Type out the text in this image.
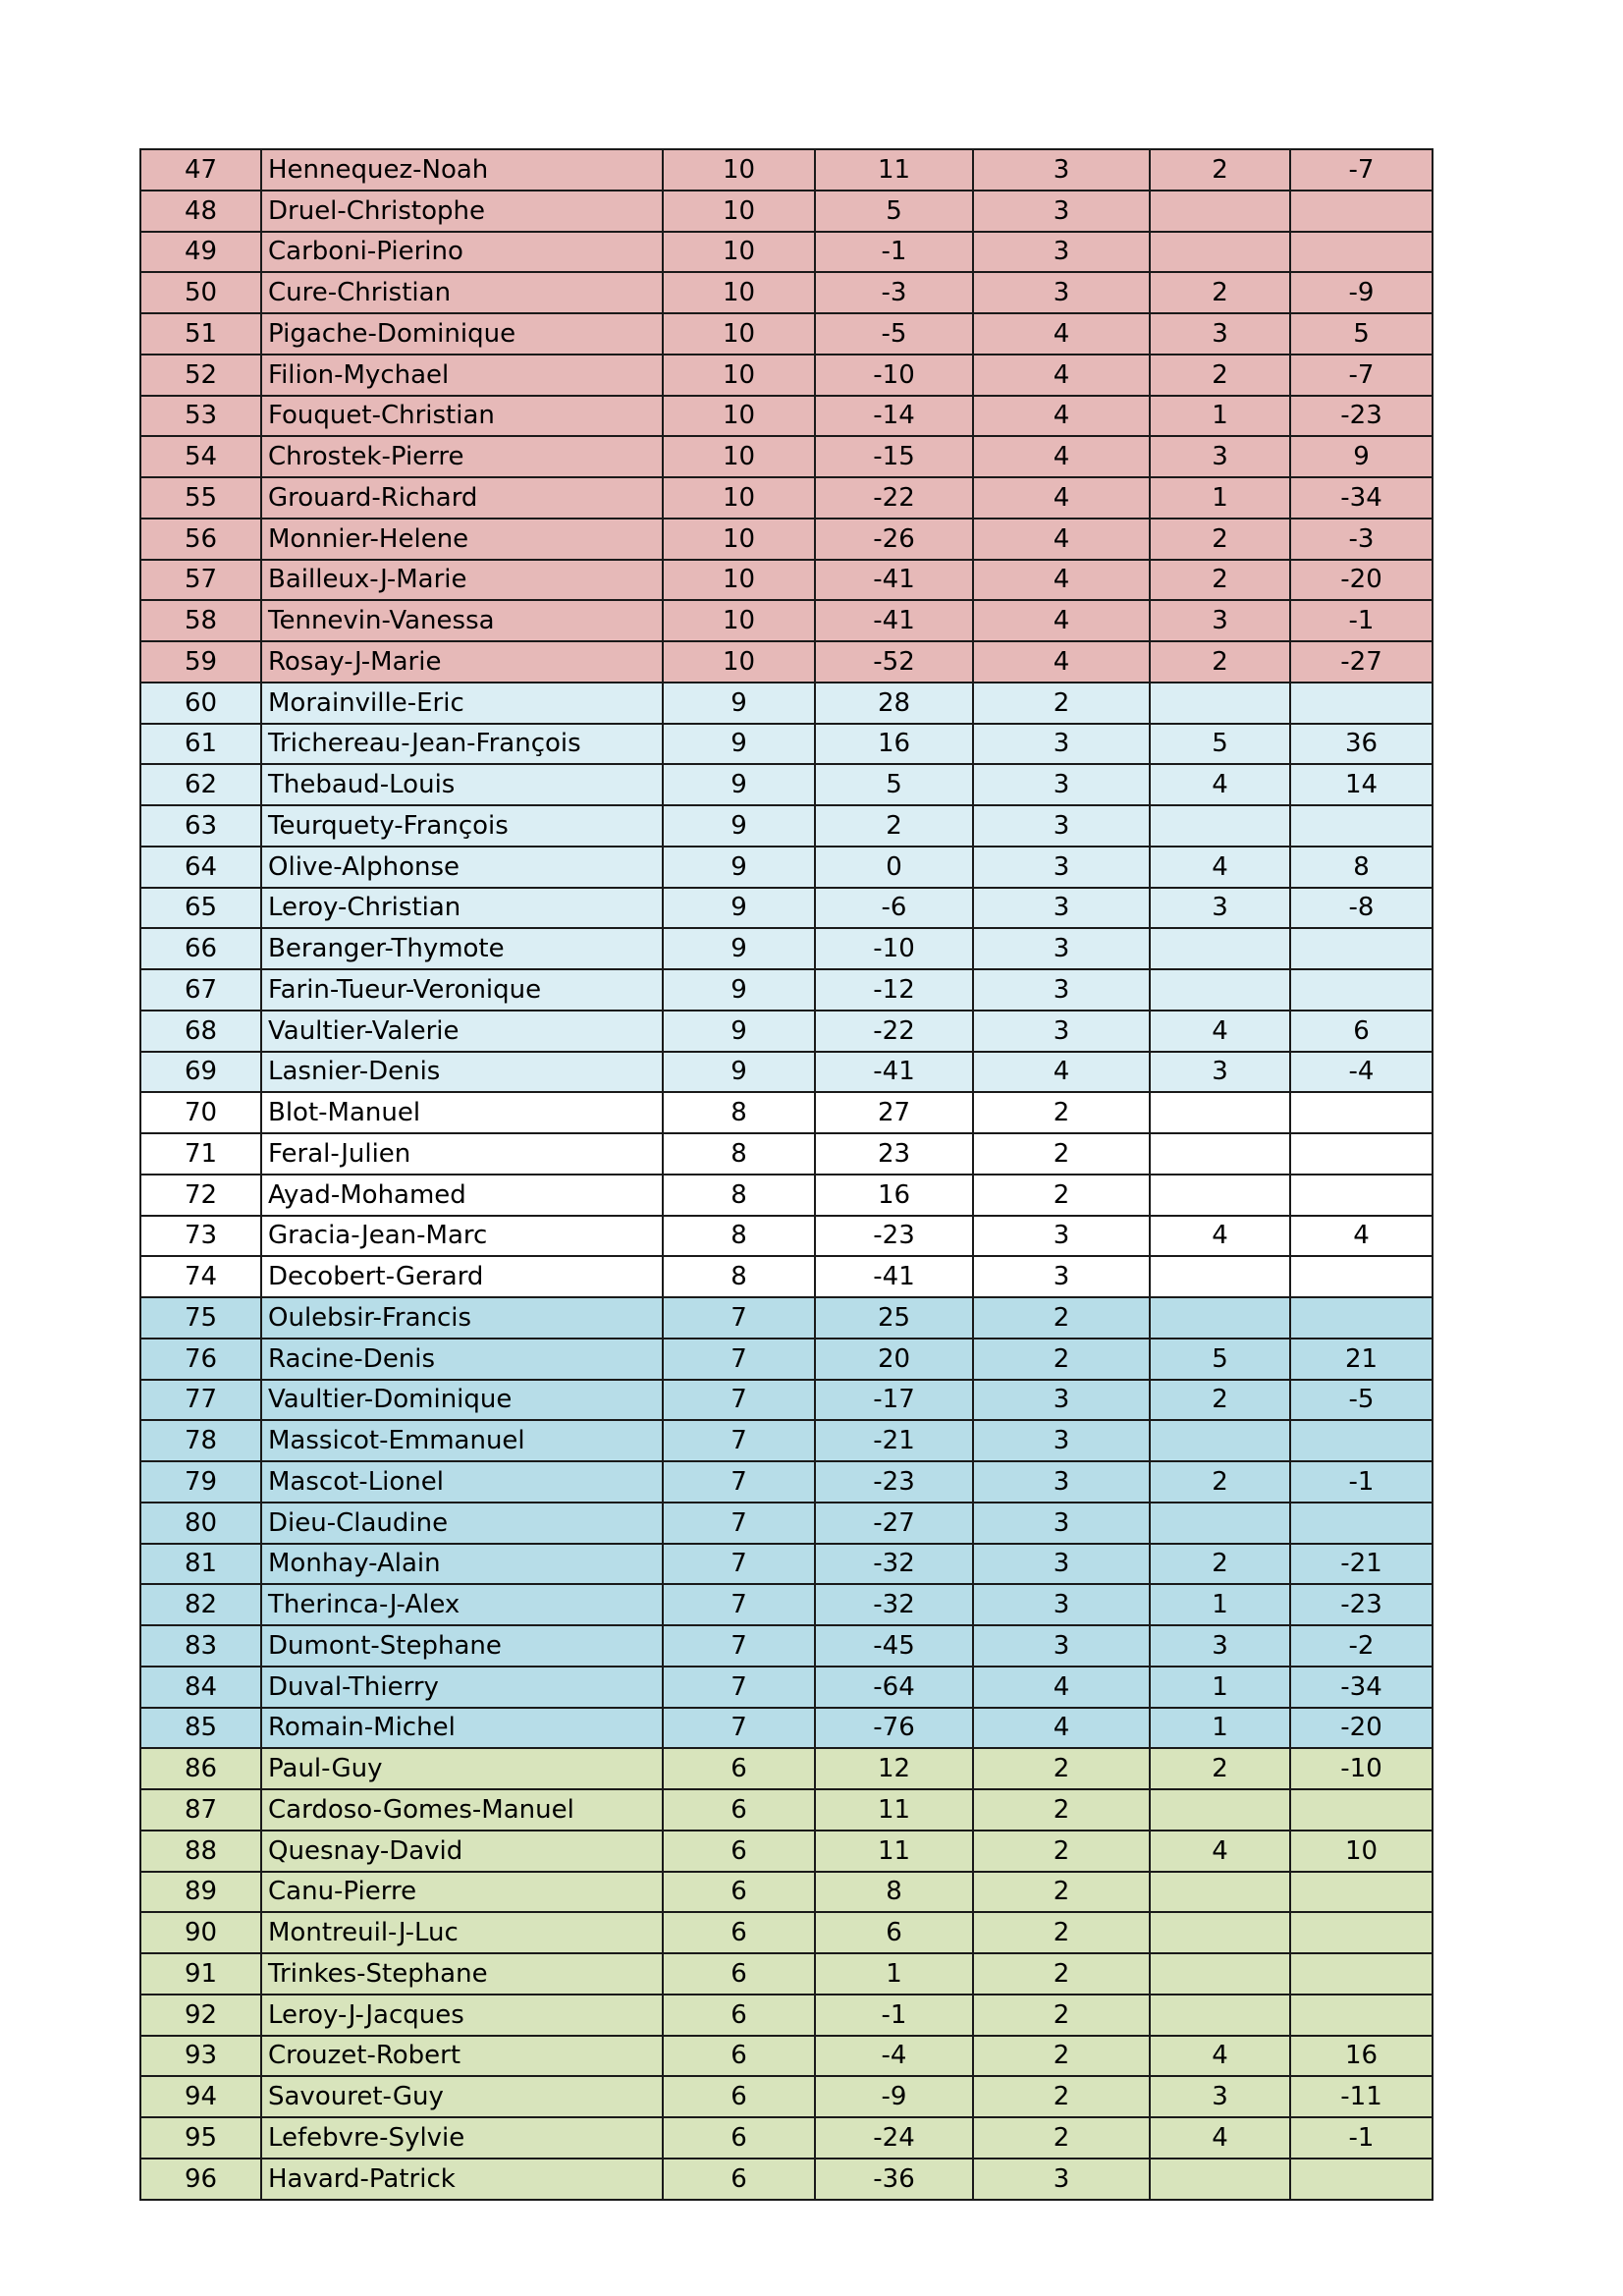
47	Hennequez-Noah	10	11	3	2	-7
48	Druel-Christophe	10	5	3		
49	Carboni-Pierino	10	-1	3		
50	Cure-Christian	10	-3	3	2	-9
51	Pigache-Dominique	10	-5	4	3	5
52	Filion-Mychael	10	-10	4	2	-7
53	Fouquet-Christian	10	-14	4	1	-23
54	Chrostek-Pierre	10	-15	4	3	9
55	Grouard-Richard	10	-22	4	1	-34
56	Monnier-Helene	10	-26	4	2	-3
57	Bailleux-J-Marie	10	-41	4	2	-20
58	Tennevin-Vanessa	10	-41	4	3	-1
59	Rosay-J-Marie	10	-52	4	2	-27
60	Morainville-Eric	9	28	2		
61	Trichereau-Jean-François	9	16	3	5	36
62	Thebaud-Louis	9	5	3	4	14
63	Teurquety-François	9	2	3		
64	Olive-Alphonse	9	0	3	4	8
65	Leroy-Christian	9	-6	3	3	-8
66	Beranger-Thymote	9	-10	3		
67	Farin-Tueur-Veronique	9	-12	3		
68	Vaultier-Valerie	9	-22	3	4	6
69	Lasnier-Denis	9	-41	4	3	-4
70	Blot-Manuel	8	27	2		
71	Feral-Julien	8	23	2		
72	Ayad-Mohamed	8	16	2		
73	Gracia-Jean-Marc	8	-23	3	4	4
74	Decobert-Gerard	8	-41	3		
75	Oulebsir-Francis	7	25	2		
76	Racine-Denis	7	20	2	5	21
77	Vaultier-Dominique	7	-17	3	2	-5
78	Massicot-Emmanuel	7	-21	3		
79	Mascot-Lionel	7	-23	3	2	-1
80	Dieu-Claudine	7	-27	3		
81	Monhay-Alain	7	-32	3	2	-21
82	Therinca-J-Alex	7	-32	3	1	-23
83	Dumont-Stephane	7	-45	3	3	-2
84	Duval-Thierry	7	-64	4	1	-34
85	Romain-Michel	7	-76	4	1	-20
86	Paul-Guy	6	12	2	2	-10
87	Cardoso-Gomes-Manuel	6	11	2		
88	Quesnay-David	6	11	2	4	10
89	Canu-Pierre	6	8	2		
90	Montreuil-J-Luc	6	6	2		
91	Trinkes-Stephane	6	1	2		
92	Leroy-J-Jacques	6	-1	2		
93	Crouzet-Robert	6	-4	2	4	16
94	Savouret-Guy	6	-9	2	3	-11
95	Lefebvre-Sylvie	6	-24	2	4	-1
96	Havard-Patrick	6	-36	3		
